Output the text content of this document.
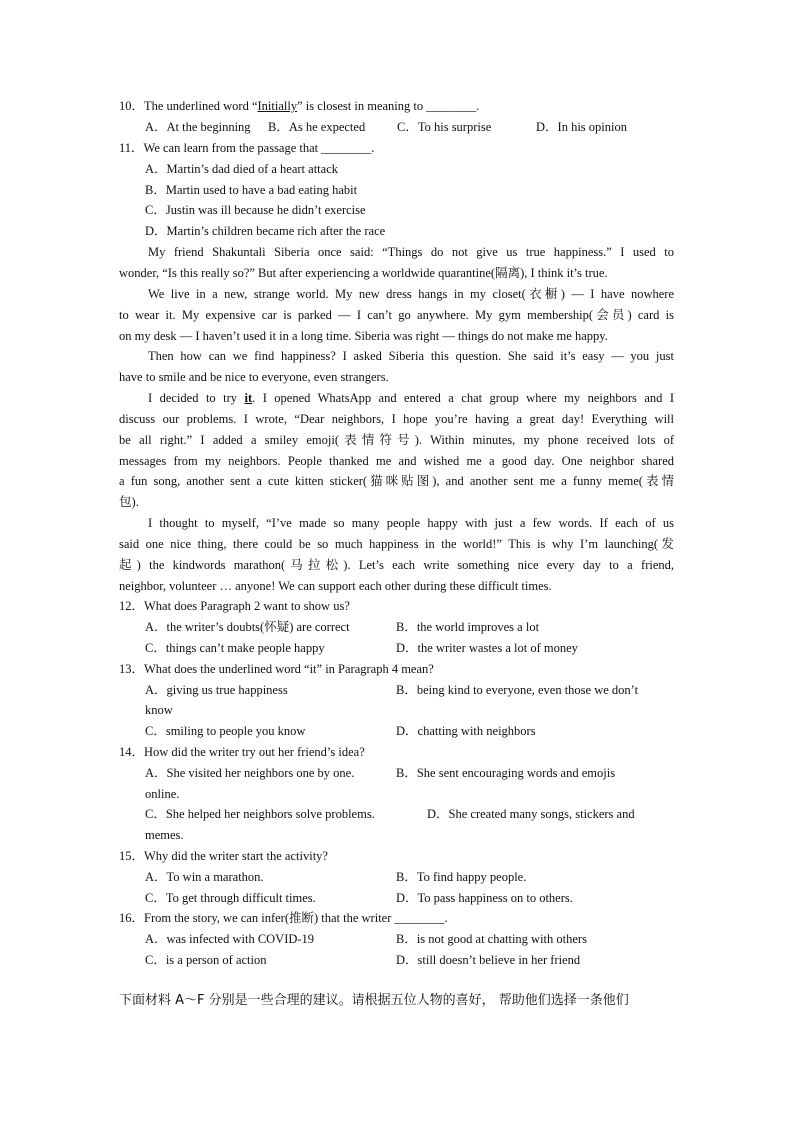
10．The underlined word “Initially” is closest in meaning to ________.
A．At the beginning B．As he expected	C．To his surprise	D．In his opinion
11．We can learn from the passage that ________.
A．Martin’s dad died of a heart attack
B．Martin used to have a bad eating habit
C．Justin was ill because he didn’t exercise
D．Martin’s children became rich after the race
My friend Shakuntali Siberia once said: “Things do not give us true happiness.” I used to
wonder, “Is this really so?” But after experiencing a worldwide quarantine(隔离), I think it’s true.
We live in a new, strange world. My new dress hangs in my closet(衣橱) — I have nowhere
to wear it. My expensive car is parked — I can’t go anywhere. My gym membership(会员) card is
on my desk — I haven’t used it in a long time. Siberia was right — things do not make me happy.
Then how can we find happiness? I asked Siberia this question. She said it’s easy — you just
have to smile and be nice to everyone, even strangers.
I decided to try it. I opened WhatsApp and entered a chat group where my neighbors and I
discuss our problems. I wrote, “Dear neighbors, I hope you’re having a great day! Everything will
be all right.” I added a smiley emoji(表情符号). Within minutes, my phone received lots of
messages from my neighbors. People thanked me and wished me a good day. One neighbor shared
a fun song, another sent a cute kitten sticker(猫咪贴图), and another sent me a funny meme(表情
包).
I thought to myself, “I’ve made so many people happy with just a few words. If each of us
said one nice thing, there could be so much happiness in the world!” This is why I’m launching(发
起) the kindwords marathon(马拉松). Let’s each write something nice every day to a friend,
neighbor, volunteer … anyone! We can support each other during these difficult times.
12．What does Paragraph 2 want to show us?
A．the writer’s doubts(怀疑) are correct	B．the world improves a lot
C．things can’t make people happy	D．the writer wastes a lot of money
13．What does the underlined word “it” in Paragraph 4 mean?
A．giving us true happiness	B．being kind to everyone, even those we don’t
know
C．smiling to people you know	D．chatting with neighbors
14．How did the writer try out her friend’s idea?
A．She visited her neighbors one by one.	B．She sent encouraging words and emojis
online.
C．She helped her neighbors solve problems.	D．She created many songs, stickers and
memes.
15．Why did the writer start the activity?
A．To win a marathon.	B．To find happy people.
C．To get through difficult times.	D．To pass happiness on to others.
16．From the story, we can infer(推断) that the writer ________.
A．was infected with COVID-19	B．is not good at chatting with others
C．is a person of action	D．still doesn’t believe in her friend
下面材料 A～F 分别是一些合理的建议。请根据五位人物的喜好， 帮助他们选择一条他们
